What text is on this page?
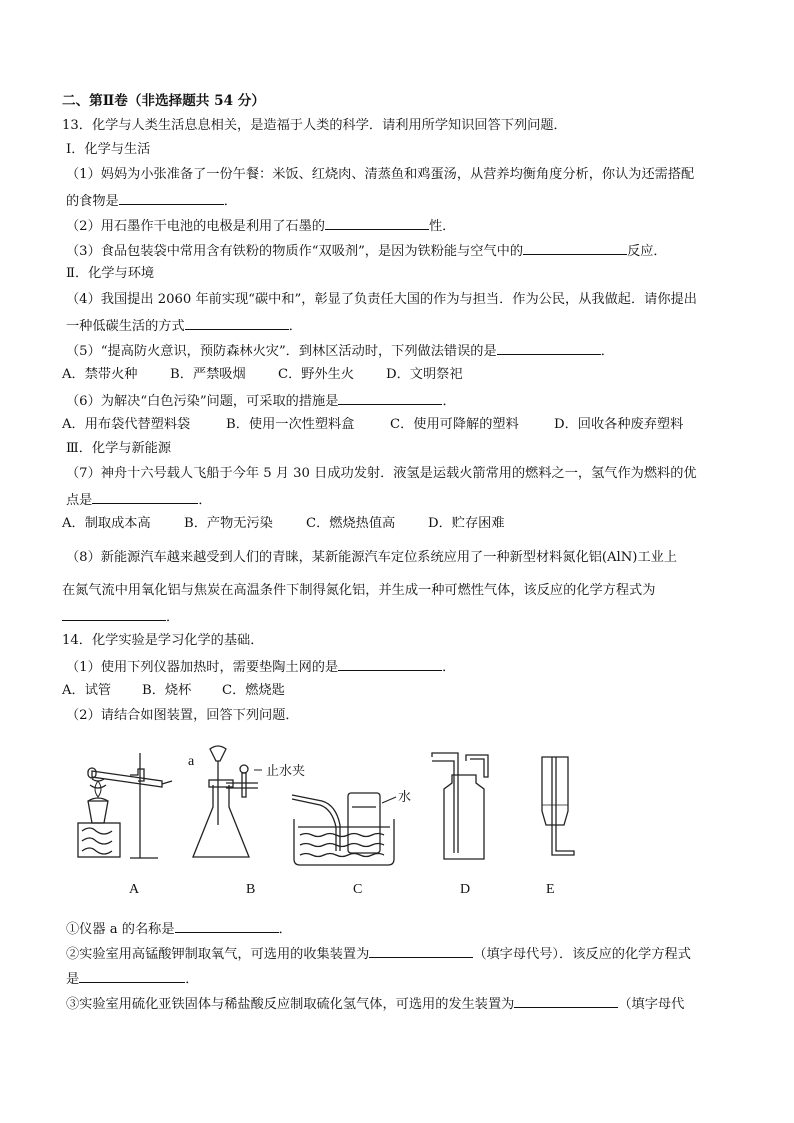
二、第Ⅱ卷（非选择题共 54 分）
13．化学与人类生活息息相关，是造福于人类的科学．请利用所学知识回答下列问题．
Ⅰ．化学与生活
（1）妈妈为小张准备了一份午餐：米饭、红烧肉、清蒸鱼和鸡蛋汤，从营养均衡角度分析，你认为还需搭配
的食物是	．
（2）用石墨作干电池的电极是利用了石墨的	性．
（3）食品包装袋中常用含有铁粉的物质作“双吸剂”，是因为铁粉能与空气中的	反应．
Ⅱ．化学与环境
（4）我国提出 2060 年前实现“碳中和”，彰显了负责任大国的作为与担当．作为公民，从我做起．请你提出
一种低碳生活的方式	．
（5）“提高防火意识，预防森林火灾”．到林区活动时，下列做法错误的是	．
A．禁带火种 B．严禁吸烟 C．野外生火 D．文明祭祀
（6）为解决“白色污染”问题，可采取的措施是	．
A．用布袋代替塑料袋	B．使用一次性塑料盒	C．使用可降解的塑料	D．回收各种废弃塑料
Ⅲ．化学与新能源
（7）神舟十六号载人飞船于今年 5 月 30 日成功发射．液氢是运载火箭常用的燃料之一，氢气作为燃料的优
点是	．
A．制取成本高	B．产物无污染	C．燃烧热值高 D．贮存困难
（8）新能源汽车越来越受到人们的青睐，某新能源汽车定位系统应用了一种新型材料氮化铝(AlN)工业上
在氮气流中用氧化铝与焦炭在高温条件下制得氮化铝，并生成一种可燃性气体，该反应的化学方程式为
．
14．化学实验是学习化学的基础．
（1）使用下列仪器加热时，需要垫陶土网的是	．
A．试管 B．烧杯 C．燃烧匙
（2）请结合如图装置，回答下列问题．
a
止水夹
水
A	B	C	D	E
①仪器 a 的名称是	．
②实验室用高锰酸钾制取氧气，可选用的收集装置为	（填字母代号）．该反应的化学方程式
是	．
③实验室用硫化亚铁固体与稀盐酸反应制取硫化氢气体，可选用的发生装置为	（填字母代
